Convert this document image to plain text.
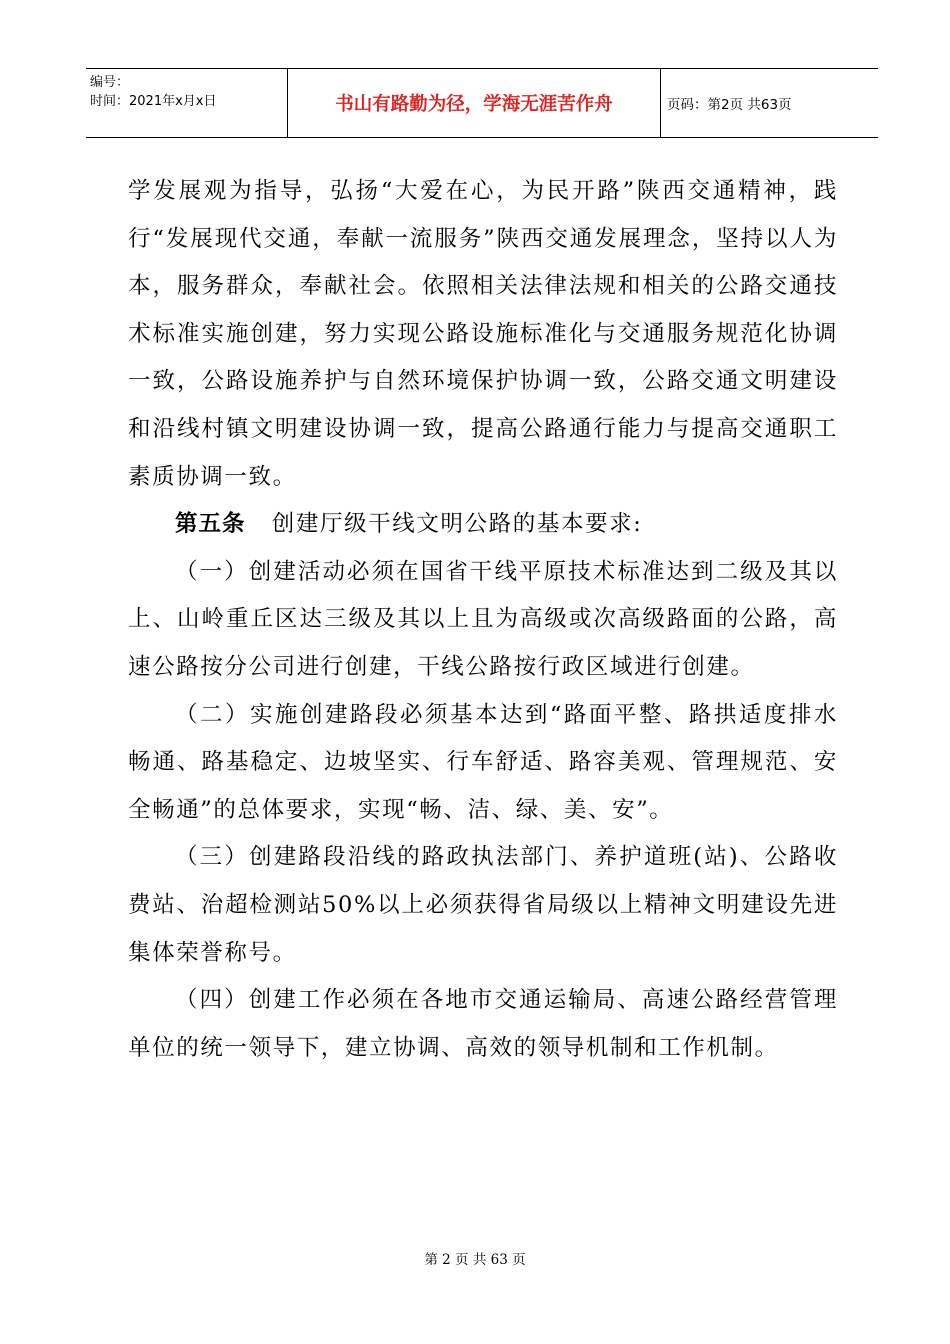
编号：
时间：2021年x月x日	书山有路勤为径，学海无涯苦作舟	页码：第2页 共63页

学发展观为指导，弘扬“大爱在心，为民开路”陕西交通精神，践行“发展现代交通，奉献一流服务”陕西交通发展理念，坚持以人为本，服务群众，奉献社会。依照相关法律法规和相关的公路交通技术标准实施创建，努力实现公路设施标准化与交通服务规范化协调一致，公路设施养护与自然环境保护协调一致，公路交通文明建设和沿线村镇文明建设协调一致，提高公路通行能力与提高交通职工素质协调一致。

第五条 创建厅级干线文明公路的基本要求:

（一）创建活动必须在国省干线平原技术标准达到二级及其以上、山岭重丘区达三级及其以上且为高级或次高级路面的公路，高速公路按分公司进行创建，干线公路按行政区域进行创建。

（二）实施创建路段必须基本达到“路面平整、路拱适度排水畅通、路基稳定、边坡坚实、行车舒适、路容美观、管理规范、安全畅通”的总体要求，实现“畅、洁、绿、美、安”。

（三）创建路段沿线的路政执法部门、养护道班(站)、公路收费站、治超检测站50%以上必须获得省局级以上精神文明建设先进集体荣誉称号。

（四）创建工作必须在各地市交通运输局、高速公路经营管理单位的统一领导下，建立协调、高效的领导机制和工作机制。

第 2 页 共 63 页
